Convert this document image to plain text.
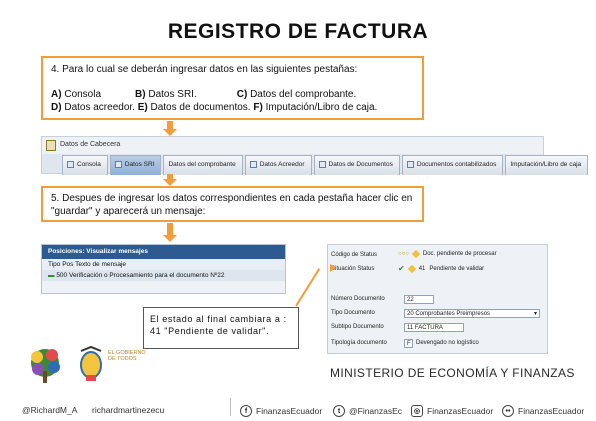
REGISTRO DE FACTURA
4. Para lo cual se deberán ingresar datos en las siguientes pestañas:
A) Consola	B) Datos SRI.	C) Datos del comprobante.
D) Datos acreedor. E) Datos de documentos. F) Imputación/Libro de caja.
Datos de Cabecera
Consola	Datos SRI Datos del comprobante	Datos Acreedor	Datos de Documentos	Documentos contabilizados Imputación/Libro de caja
5. Despues de ingresar los datos correspondientes en cada pestaña hacer clic en "guardar" y aparecerá un mensaje:
Posiciones: Visualizar mensajes
Tipo Pos Texto de mensaje
▬ 500 Verificación o Procesamiento para el documento Nº22
Código de Status	○○○ Doc. pendiente de procesar
Situación Status	✔ 41 Pendiente de validar
Número Documento	22
Tipo Documento	20 Comprobantes Preimpresos	▾
Subtipo Documento	11 FACTURA
Tipología documento	F Devengado no logístico
El estado al final cambiara a : 41 "Pendiente de validar".
EL GOBIERNO DE TODOS
MINISTERIO DE ECONOMÍA Y FINANZAS
@RichardM_A richardmartinezecu	f	FinanzasEcuador	t	@FinanzasEc	◎ FinanzasEcuador	•• FinanzasEcuador
